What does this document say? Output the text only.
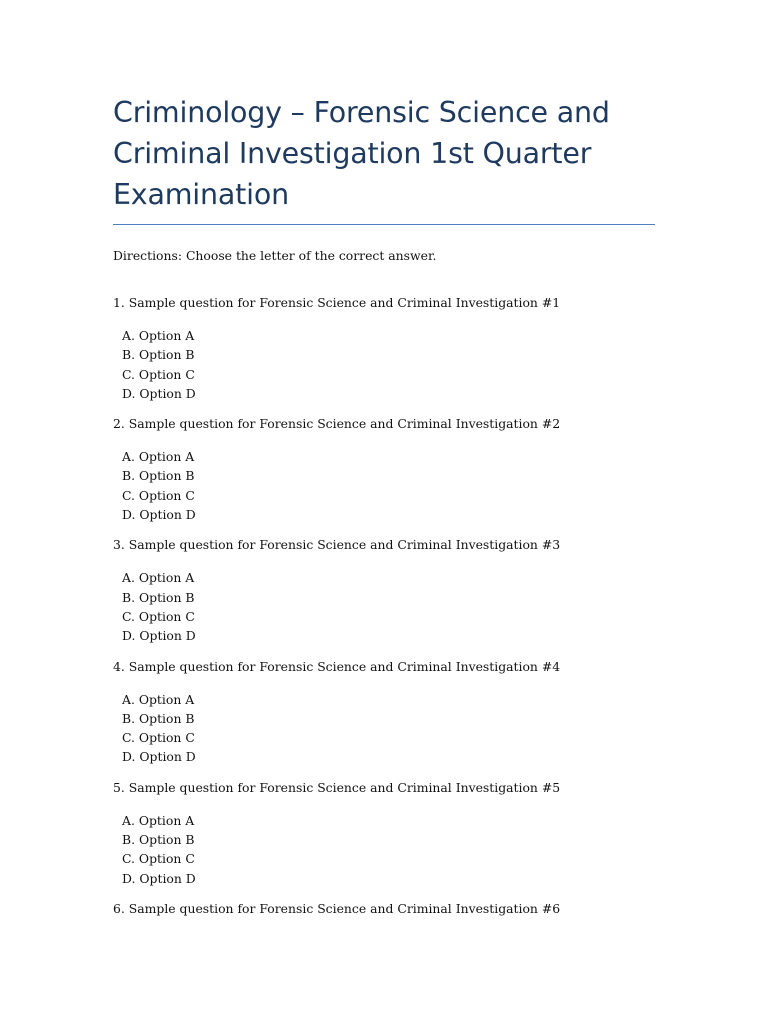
Criminology – Forensic Science and Criminal Investigation 1st Quarter Examination
Directions: Choose the letter of the correct answer.
1. Sample question for Forensic Science and Criminal Investigation #1
A. Option A
B. Option B
C. Option C
D. Option D
2. Sample question for Forensic Science and Criminal Investigation #2
A. Option A
B. Option B
C. Option C
D. Option D
3. Sample question for Forensic Science and Criminal Investigation #3
A. Option A
B. Option B
C. Option C
D. Option D
4. Sample question for Forensic Science and Criminal Investigation #4
A. Option A
B. Option B
C. Option C
D. Option D
5. Sample question for Forensic Science and Criminal Investigation #5
A. Option A
B. Option B
C. Option C
D. Option D
6. Sample question for Forensic Science and Criminal Investigation #6
